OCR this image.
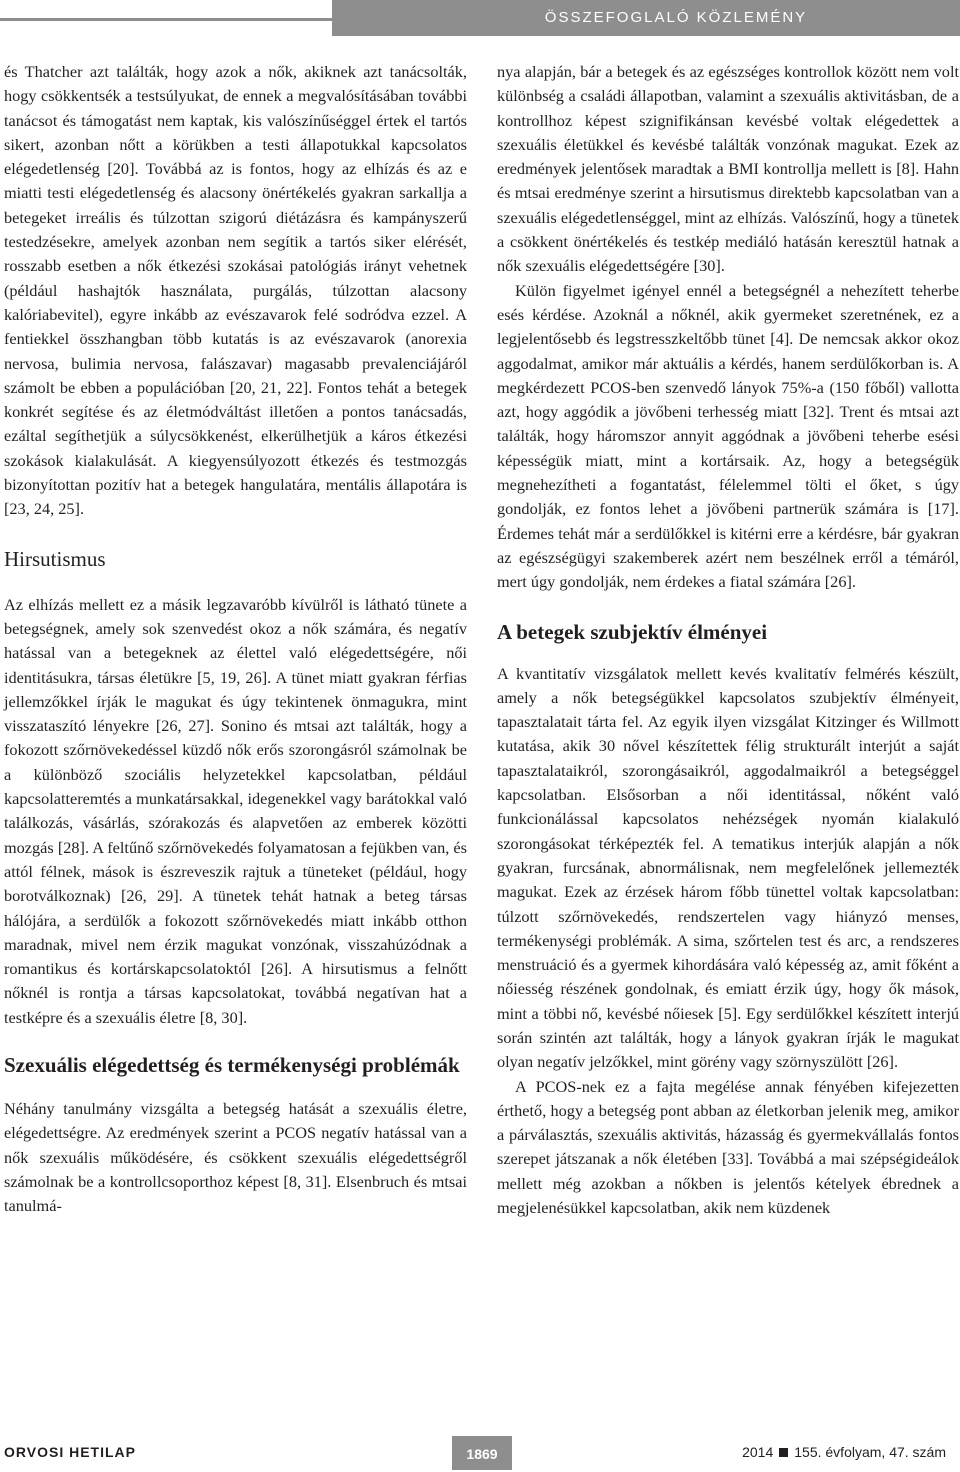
ÖSSZEFOGLALÓ KÖZLEMÉNY

és Thatcher azt találták, hogy azok a nők, akiknek azt tanácsolták, hogy csökkentsék a testsúlyukat, de ennek a megvalósításában további tanácsot és támogatást nem kaptak, kis valószínűséggel értek el tartós sikert, azonban nőtt a körükben a testi állapotukkal kapcsolatos elégedetlenség [20]. Továbbá az is fontos, hogy az elhízás és az e miatti testi elégedetlenség és alacsony önértékelés gyakran sarkallja a betegeket irreális és túlzottan szigorú diétázásra és kampányszerű testedzésekre, amelyek azonban nem segítik a tartós siker elérését, rosszabb esetben a nők étkezési szokásai patológiás irányt vehetnek (például hashajtók használata, purgálás, túlzottan alacsony kalóriabevitel), egyre inkább az evészavarok felé sodródva ezzel. A fentiekkel összhangban több kutatás is az evészavarok (anorexia nervosa, bulimia nervosa, falászavar) magasabb prevalenciájáról számolt be ebben a populációban [20, 21, 22]. Fontos tehát a betegek konkrét segítése és az életmódváltást illetően a pontos tanácsadás, ezáltal segíthetjük a súlycsökkenést, elkerülhetjük a káros étkezési szokások kialakulását. A kiegyensúlyozott étkezés és testmozgás bizonyítottan pozitív hat a betegek hangulatára, mentális állapotára is [23, 24, 25].

Hirsutismus

Az elhízás mellett ez a másik legzavaróbb kívülről is látható tünete a betegségnek, amely sok szenvedést okoz a nők számára, és negatív hatással van a betegeknek az élettel való elégedettségére, női identitásukra, társas életükre [5, 19, 26]. A tünet miatt gyakran férfias jellemzőkkel írják le magukat és úgy tekintenek önmagukra, mint visszataszító lényekre [26, 27]. Sonino és mtsai azt találták, hogy a fokozott szőrnövekedéssel küzdő nők erős szorongásról számolnak be a különböző szociális helyzetekkel kapcsolatban, például kapcsolatteremtés a munkatársakkal, idegenekkel vagy barátokkal való találkozás, vásárlás, szórakozás és alapvetően az emberek közötti mozgás [28]. A feltűnő szőrnövekedés folyamatosan a fejükben van, és attól félnek, mások is észreveszik rajtuk a tüneteket (például, hogy borotválkoznak) [26, 29]. A tünetek tehát hatnak a beteg társas hálójára, a serdülők a fokozott szőrnövekedés miatt inkább otthon maradnak, mivel nem érzik magukat vonzónak, visszahúzódnak a romantikus és kortárskapcsolatoktól [26]. A hirsutismus a felnőtt nőknél is rontja a társas kapcsolatokat, továbbá negatívan hat a testképre és a szexuális életre [8, 30].

Szexuális elégedettség és termékenységi problémák

Néhány tanulmány vizsgálta a betegség hatását a szexuális életre, elégedettségre. Az eredmények szerint a PCOS negatív hatással van a nők szexuális működésére, és csökkent szexuális elégedettségről számolnak be a kontrollcsoporthoz képest [8, 31]. Elsenbruch és mtsai tanulmá-

nya alapján, bár a betegek és az egészséges kontrollok között nem volt különbség a családi állapotban, valamint a szexuális aktivitásban, de a kontrollhoz képest szignifikánsan kevésbé voltak elégedettek a szexuális életükkel és kevésbé találták vonzónak magukat. Ezek az eredmények jelentősek maradtak a BMI kontrollja mellett is [8]. Hahn és mtsai eredménye szerint a hirsutismus direktebb kapcsolatban van a szexuális elégedetlenséggel, mint az elhízás. Valószínű, hogy a tünetek a csökkent önértékelés és testkép mediáló hatásán keresztül hatnak a nők szexuális elégedettségére [30].

Külön figyelmet igényel ennél a betegségnél a nehezített teherbe esés kérdése. Azoknál a nőknél, akik gyermeket szeretnének, ez a legjelentősebb és legstresszkeltőbb tünet [4]. De nemcsak akkor okoz aggodalmat, amikor már aktuális a kérdés, hanem serdülőkorban is. A megkérdezett PCOS-ben szenvedő lányok 75%-a (150 főből) vallotta azt, hogy aggódik a jövőbeni terhesség miatt [32]. Trent és mtsai azt találták, hogy háromszor annyit aggódnak a jövőbeni teherbe esési képességük miatt, mint a kortársaik. Az, hogy a betegségük megnehezítheti a fogantatást, félelemmel tölti el őket, s úgy gondolják, ez fontos lehet a jövőbeni partnerük számára is [17]. Érdemes tehát már a serdülőkkel is kitérni erre a kérdésre, bár gyakran az egészségügyi szakemberek azért nem beszélnek erről a témáról, mert úgy gondolják, nem érdekes a fiatal számára [26].

A betegek szubjektív élményei

A kvantitatív vizsgálatok mellett kevés kvalitatív felmérés készült, amely a nők betegségükkel kapcsolatos szubjektív élményeit, tapasztalatait tárta fel. Az egyik ilyen vizsgálat Kitzinger és Willmott kutatása, akik 30 nővel készítettek félig strukturált interjút a saját tapasztalataikról, szorongásaikról, aggodalmaikról a betegséggel kapcsolatban. Elsősorban a női identitással, nőként való funkcionálással kapcsolatos nehézségek nyomán kialakuló szorongásokat térképezték fel. A tematikus interjúk alapján a nők gyakran, furcsának, abnormálisnak, nem megfelelőnek jellemezték magukat. Ezek az érzések három főbb tünettel voltak kapcsolatban: túlzott szőrnövekedés, rendszertelen vagy hiányzó menses, termékenységi problémák. A sima, szőrtelen test és arc, a rendszeres menstruáció és a gyermek kihordására való képesség az, amit főként a nőiesség részének gondolnak, és emiatt érzik úgy, hogy ők mások, mint a többi nő, kevésbé nőiesek [5]. Egy serdülőkkel készített interjú során szintén azt találták, hogy a lányok gyakran írják le magukat olyan negatív jelzőkkel, mint görény vagy szörnyszülött [26].

A PCOS-nek ez a fajta megélése annak fényében kifejezetten érthető, hogy a betegség pont abban az életkorban jelenik meg, amikor a párválasztás, szexuális aktivitás, házasság és gyermekvállalás fontos szerepet játszanak a nők életében [33]. Továbbá a mai szépségideálok mellett még azokban a nőkben is jelentős kételyek ébrednek a megjelenésükkel kapcsolatban, akik nem küzdenek

ORVOSI HETILAP	1869	2014 155. évfolyam, 47. szám
